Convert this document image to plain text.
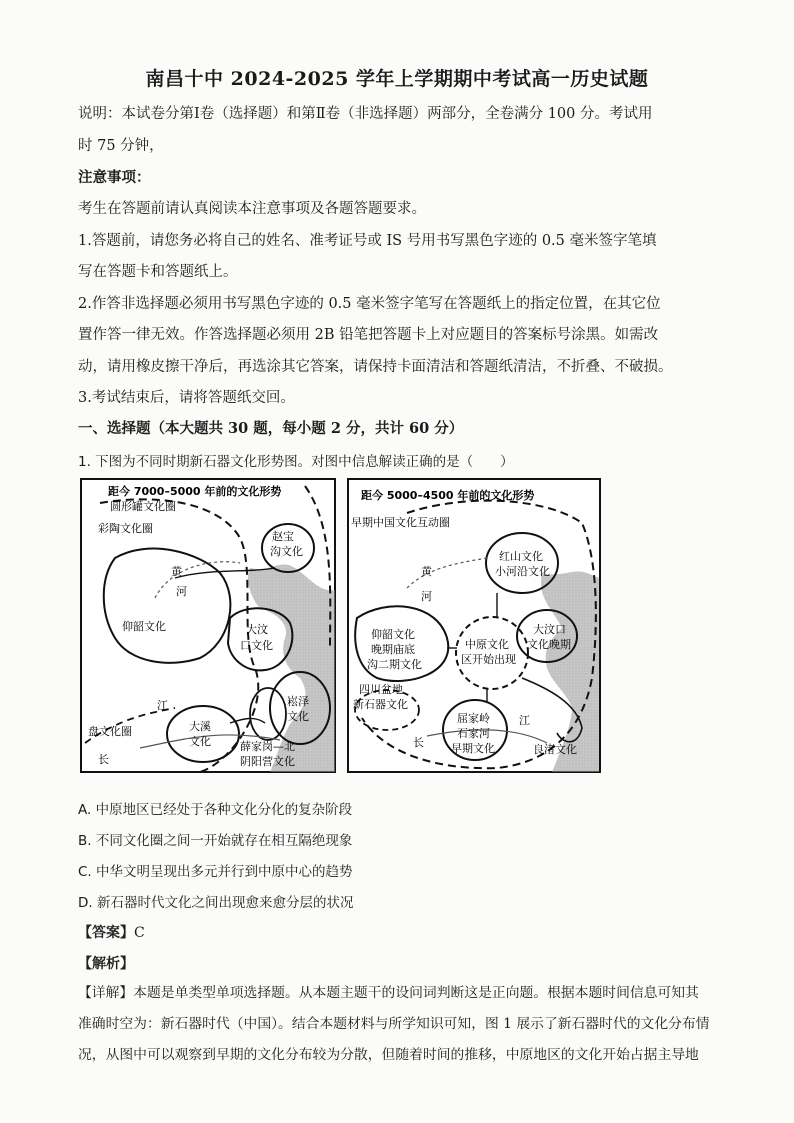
南昌十中 2024-2025 学年上学期期中考试高一历史试题
说明：本试卷分第Ⅰ卷（选择题）和第Ⅱ卷（非选择题）两部分，全卷满分 100 分。考试用
时 75 分钟，
注意事项：
考生在答题前请认真阅读本注意事项及各题答题要求。
1.答题前，请您务必将自己的姓名、准考证号或 IS 号用书写黑色字迹的 0.5 毫米签字笔填
写在答题卡和答题纸上。
2.作答非选择题必须用书写黑色字迹的 0.5 毫米签字笔写在答题纸上的指定位置，在其它位
置作答一律无效。作答选择题必须用 2B 铅笔把答题卡上对应题目的答案标号涂黑。如需改
动，请用橡皮擦干净后，再选涂其它答案，请保持卡面清洁和答题纸清洁，不折叠、不破损。
3.考试结束后，请将答题纸交回。
一、选择题（本大题共 30 题，每小题 2 分，共计 60 分）
1. 下图为不同时期新石器文化形势图。对图中信息解读正确的是（　　）
距今 7000–5000 年前的文化形势
圆形罐文化圈
彩陶文化圈
赵宝
沟文化
黄
河
仰韶文化	大汶
口文化
江
大溪
文化
崧泽
文化
盘文化圈
长
薛家岗—北
阴阳营文化
距今 5000–4500 年前的文化形势
早期中国文化互动圈
红山文化
小河沿文化
黄
河
仰韶文化
晚期庙底
沟二期文化
中原文化
区开始出现
大汶口
文化晚期
四川盆地
新石器文化
屈家岭
石家河
早期文化
江
长
良渚文化
A. 中原地区已经处于各种文化分化的复杂阶段
B. 不同文化圈之间一开始就存在相互隔绝现象
C. 中华文明呈现出多元并行到中原中心的趋势
D. 新石器时代文化之间出现愈来愈分层的状况
【答案】C
【解析】
【详解】本题是单类型单项选择题。从本题主题干的设问词判断这是正向题。根据本题时间信息可知其
准确时空为：新石器时代（中国）。结合本题材料与所学知识可知，图 1 展示了新石器时代的文化分布情
况，从图中可以观察到早期的文化分布较为分散，但随着时间的推移，中原地区的文化开始占据主导地
